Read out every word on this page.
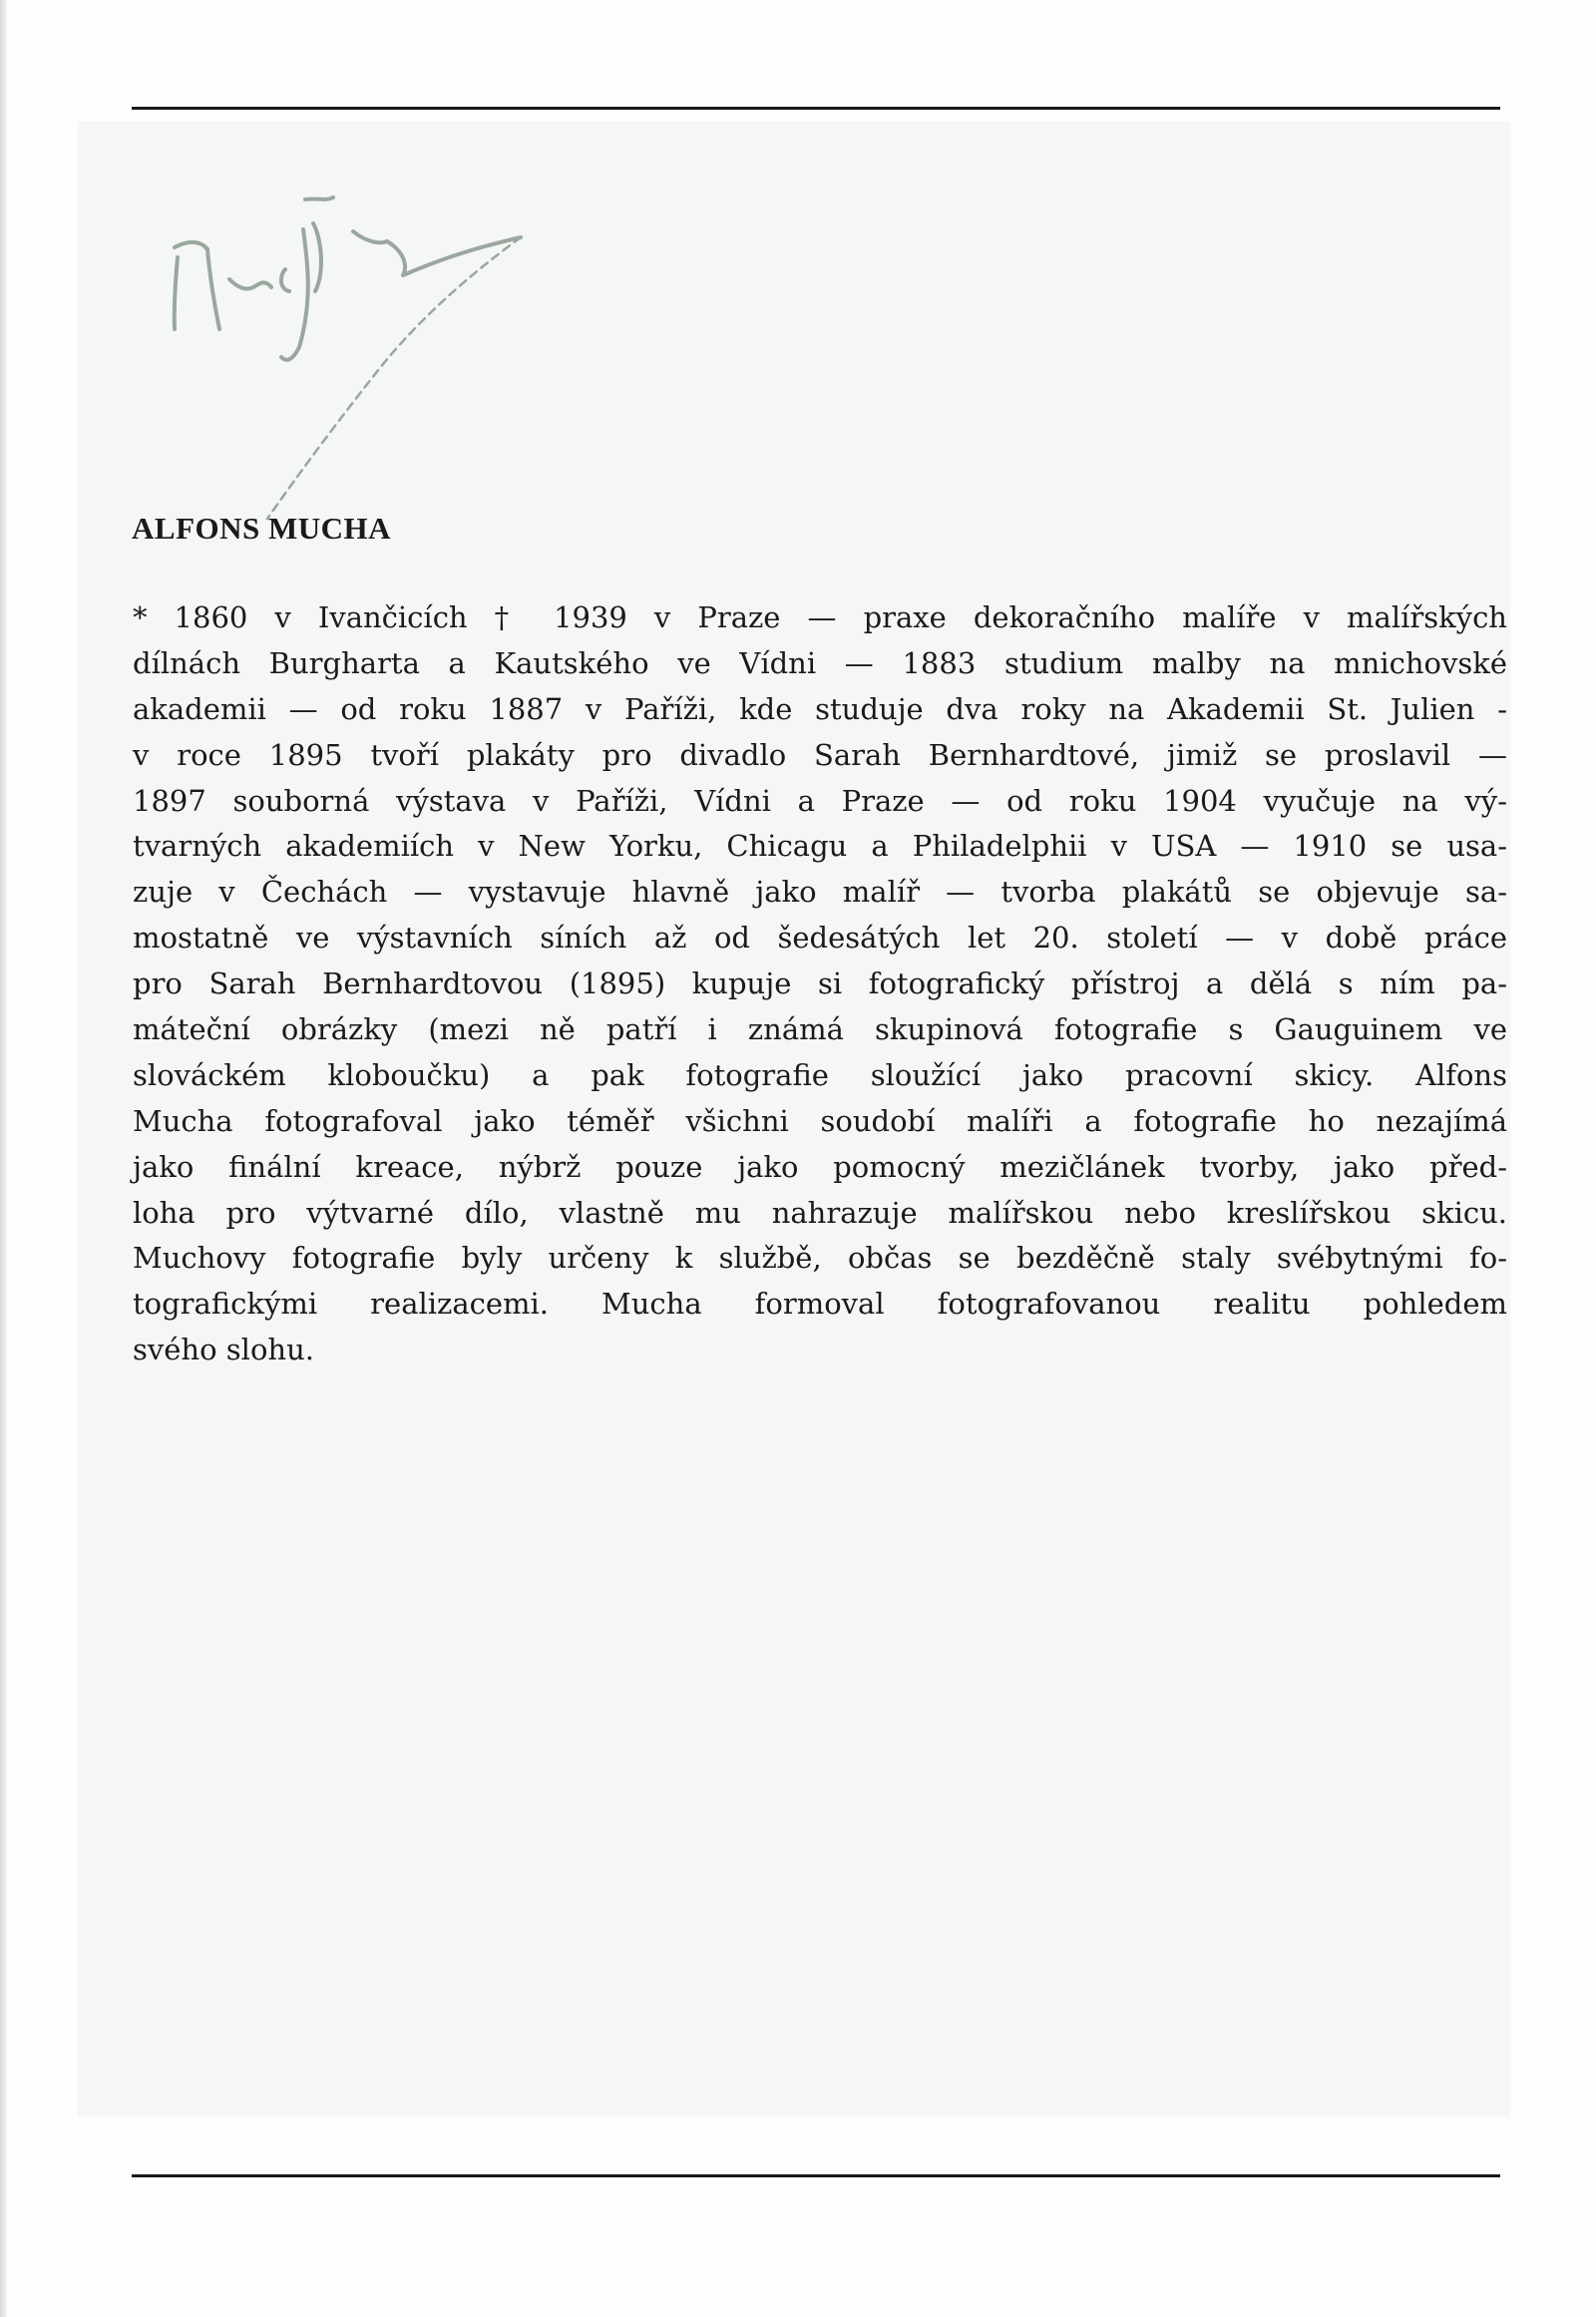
Mucha
ALFONS MUCHA

* 1860 v Ivančicích † 1939 v Praze — praxe dekoračního malíře v malířských
dílnách Burgharta a Kautského ve Vídni — 1883 studium malby na mnichovské
akademii — od roku 1887 v Paříži, kde studuje dva roky na Akademii St. Julien -
v roce 1895 tvoří plakáty pro divadlo Sarah Bernhardtové, jimiž se proslavil —
1897 souborná výstava v Paříži, Vídni a Praze — od roku 1904 vyučuje na vý-
tvarných akademiích v New Yorku, Chicagu a Philadelphii v USA — 1910 se usa-
zuje v Čechách — vystavuje hlavně jako malíř — tvorba plakátů se objevuje sa-
mostatně ve výstavních síních až od šedesátých let 20. století — v době práce
pro Sarah Bernhardtovou (1895) kupuje si fotografický přístroj a dělá s ním pa-
máteční obrázky (mezi ně patří i známá skupinová fotografie s Gauguinem ve
slováckém kloboučku) a pak fotografie sloužící jako pracovní skicy. Alfons
Mucha fotografoval jako téměř všichni soudobí malíři a fotografie ho nezajímá
jako finální kreace, nýbrž pouze jako pomocný mezičlánek tvorby, jako před-
loha pro výtvarné dílo, vlastně mu nahrazuje malířskou nebo kreslířskou skicu.
Muchovy fotografie byly určeny k službě, občas se bezděčně staly svébytnými fo-
tografickými realizacemi. Mucha formoval fotografovanou realitu pohledem
svého slohu.
